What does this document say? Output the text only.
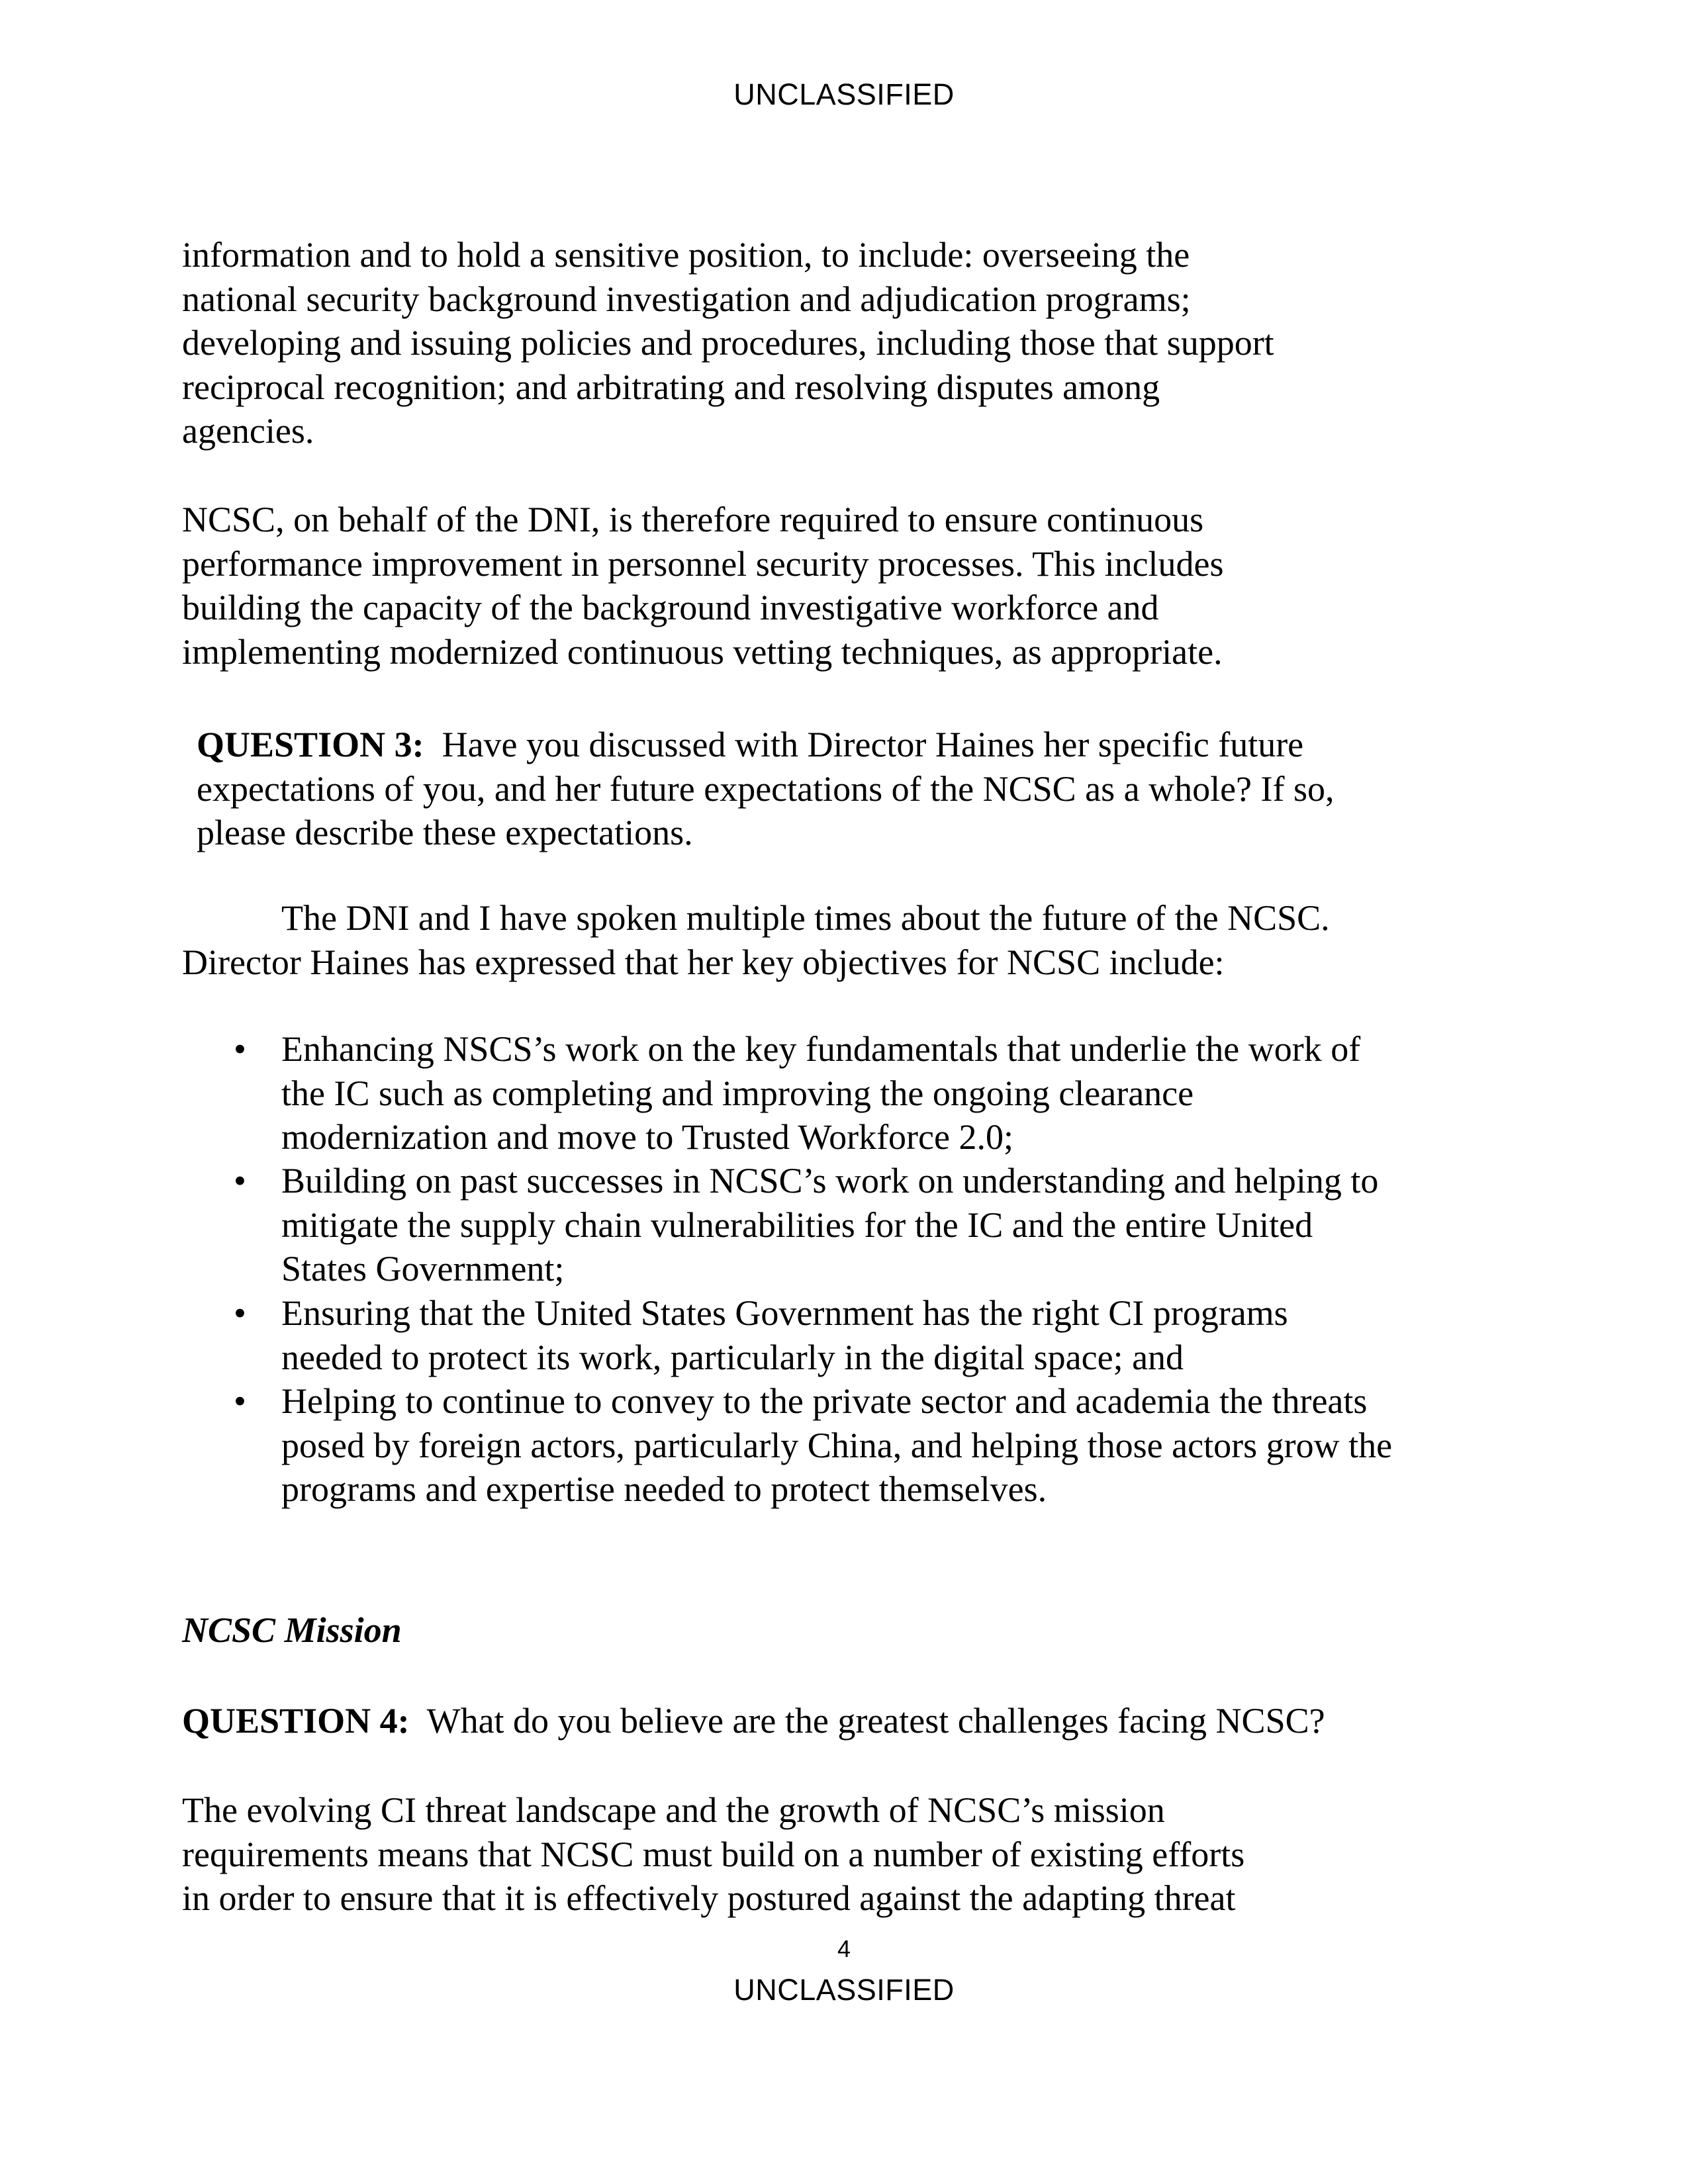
UNCLASSIFIED
information and to hold a sensitive position, to include: overseeing the
national security background investigation and adjudication programs;
developing and issuing policies and procedures, including those that support
reciprocal recognition; and arbitrating and resolving disputes among
agencies.
NCSC, on behalf of the DNI, is therefore required to ensure continuous
performance improvement in personnel security processes. This includes
building the capacity of the background investigative workforce and
implementing modernized continuous vetting techniques, as appropriate.
QUESTION 3:  Have you discussed with Director Haines her specific future
expectations of you, and her future expectations of the NCSC as a whole? If so,
please describe these expectations.
The DNI and I have spoken multiple times about the future of the NCSC.
Director Haines has expressed that her key objectives for NCSC include:
• Enhancing NSCS’s work on the key fundamentals that underlie the work of
the IC such as completing and improving the ongoing clearance
modernization and move to Trusted Workforce 2.0;
• Building on past successes in NCSC’s work on understanding and helping to
mitigate the supply chain vulnerabilities for the IC and the entire United
States Government;
• Ensuring that the United States Government has the right CI programs
needed to protect its work, particularly in the digital space; and
• Helping to continue to convey to the private sector and academia the threats
posed by foreign actors, particularly China, and helping those actors grow the
programs and expertise needed to protect themselves.
NCSC Mission
QUESTION 4:  What do you believe are the greatest challenges facing NCSC?
The evolving CI threat landscape and the growth of NCSC’s mission
requirements means that NCSC must build on a number of existing efforts
in order to ensure that it is effectively postured against the adapting threat
4
UNCLASSIFIED
